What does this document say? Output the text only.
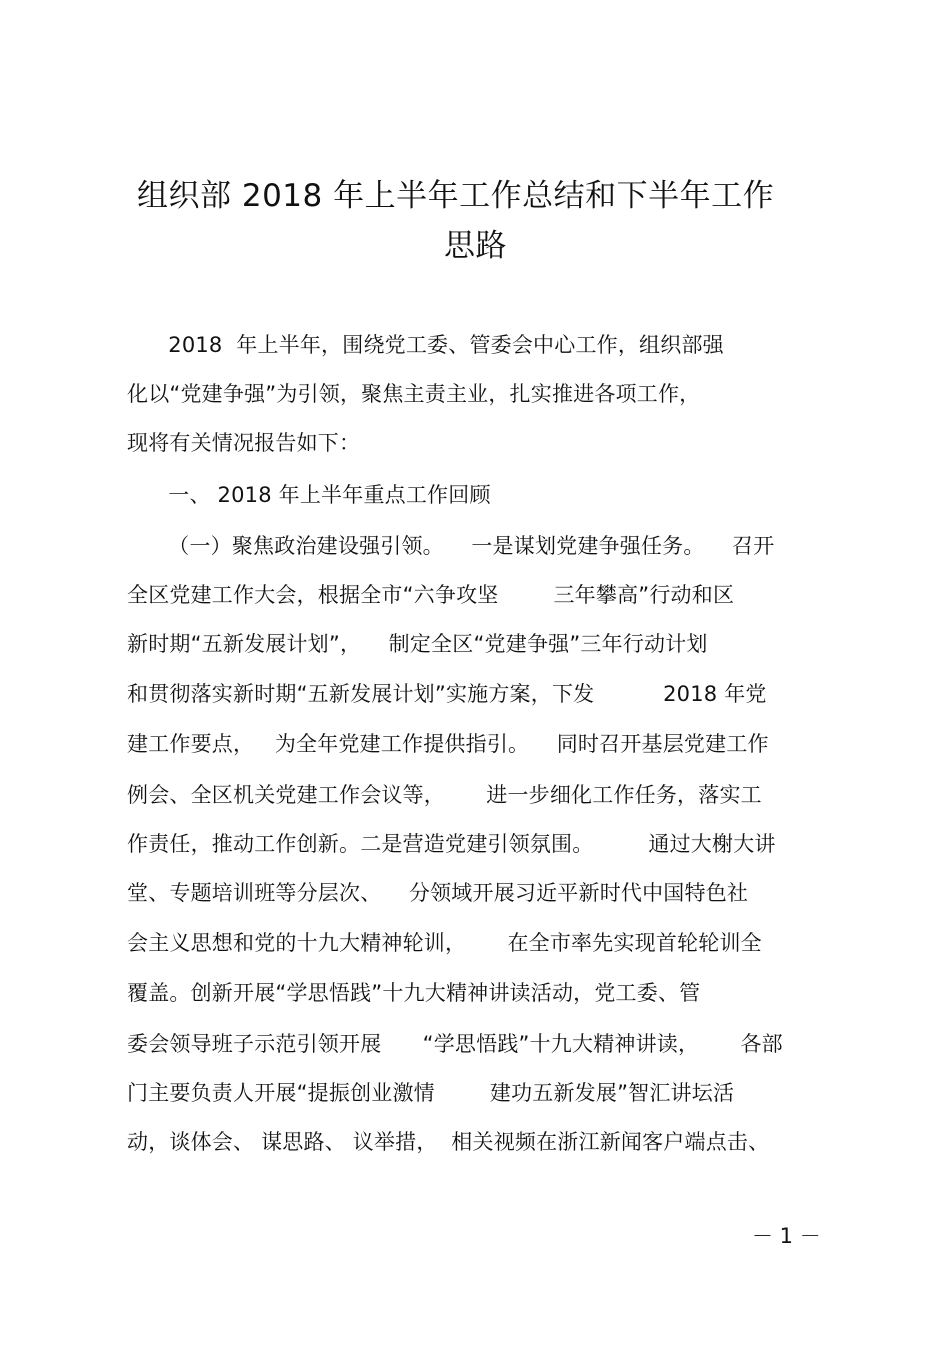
组织部 2018 年上半年工作总结和下半年工作
思路
2018  年上半年，围绕党工委、管委会中心工作，组织部强
化以“党建争强”为引领，聚焦主责主业，扎实推进各项工作，
现将有关情况报告如下：
一、 2018 年上半年重点工作回顾
（一）聚焦政治建设强引领。    一是谋划党建争强任务。    召开
全区党建工作大会，根据全市“六争攻坚        三年攀高”行动和区
新时期“五新发展计划”，    制定全区“党建争强”三年行动计划
和贯彻落实新时期“五新发展计划”实施方案，下发          2018 年党
建工作要点，   为全年党建工作提供指引。    同时召开基层党建工作
例会、全区机关党建工作会议等，      进一步细化工作任务，落实工
作责任，推动工作创新。二是营造党建引领氛围。        通过大榭大讲
堂、专题培训班等分层次、    分领域开展习近平新时代中国特色社
会主义思想和党的十九大精神轮训，      在全市率先实现首轮轮训全
覆盖。创新开展“学思悟践”十九大精神讲读活动，党工委、管
委会领导班子示范引领开展      “学思悟践”十九大精神讲读，      各部
门主要负责人开展“提振创业激情        建功五新发展”智汇讲坛活
动，谈体会、 谋思路、 议举措，  相关视频在浙江新闻客户端点击、
－ 1 －
